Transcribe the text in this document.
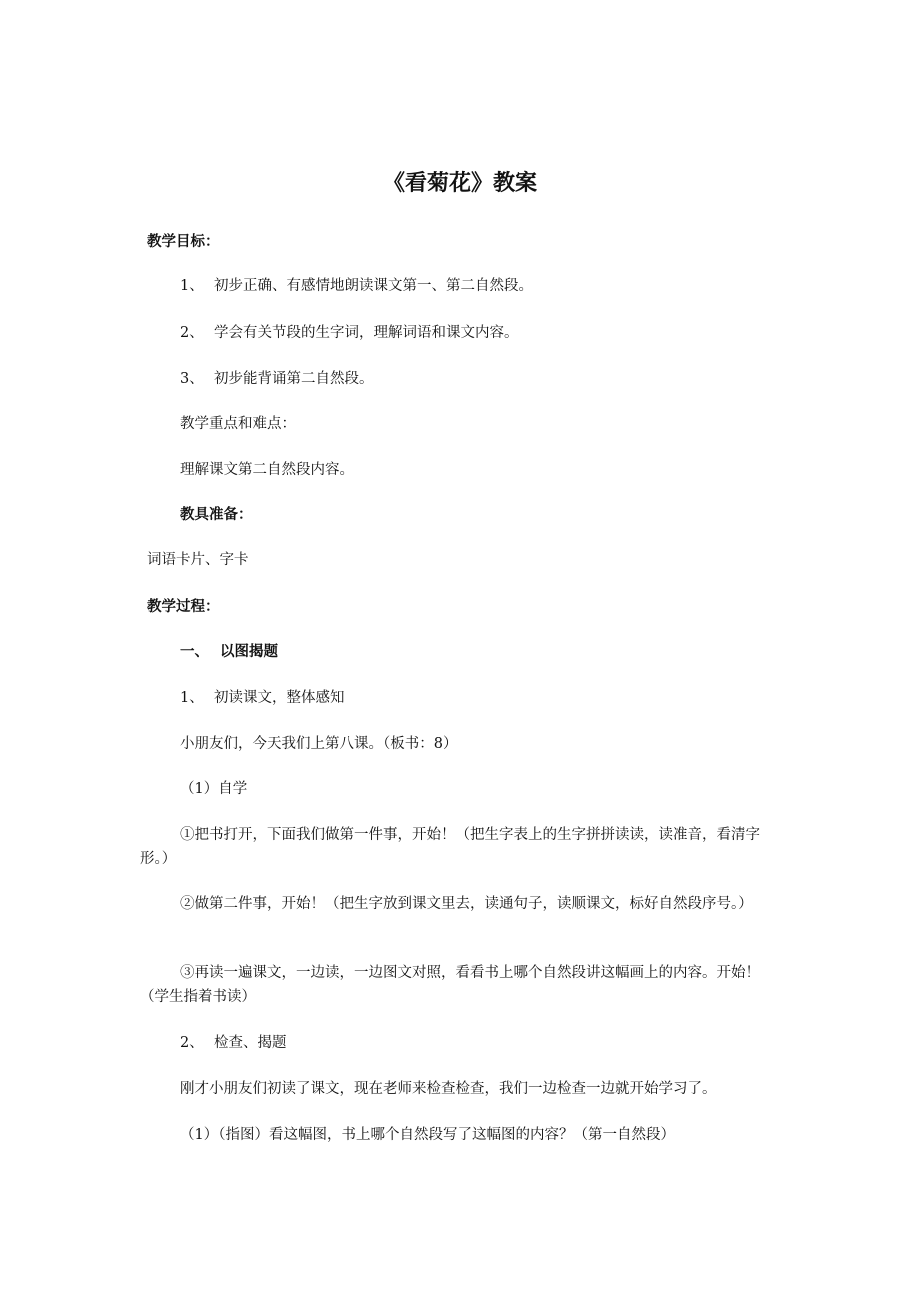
《看菊花》教案
教学目标：
1、 初步正确、有感情地朗读课文第一、第二自然段。
2、 学会有关节段的生字词，理解词语和课文内容。
3、 初步能背诵第二自然段。
教学重点和难点：
理解课文第二自然段内容。
教具准备：
词语卡片、字卡
教学过程：
一、 以图揭题
1、 初读课文，整体感知
小朋友们，今天我们上第八课。（板书：8）
（1）自学
①把书打开，下面我们做第一件事，开始！（把生字表上的生字拼拼读读，读准音，看清字形。）
②做第二件事，开始！（把生字放到课文里去，读通句子，读顺课文，标好自然段序号。）
③再读一遍课文，一边读，一边图文对照，看看书上哪个自然段讲这幅画上的内容。开始！（学生指着书读）
2、 检查、揭题
刚才小朋友们初读了课文，现在老师来检查检查，我们一边检查一边就开始学习了。
（1）（指图）看这幅图，书上哪个自然段写了这幅图的内容？（第一自然段）
